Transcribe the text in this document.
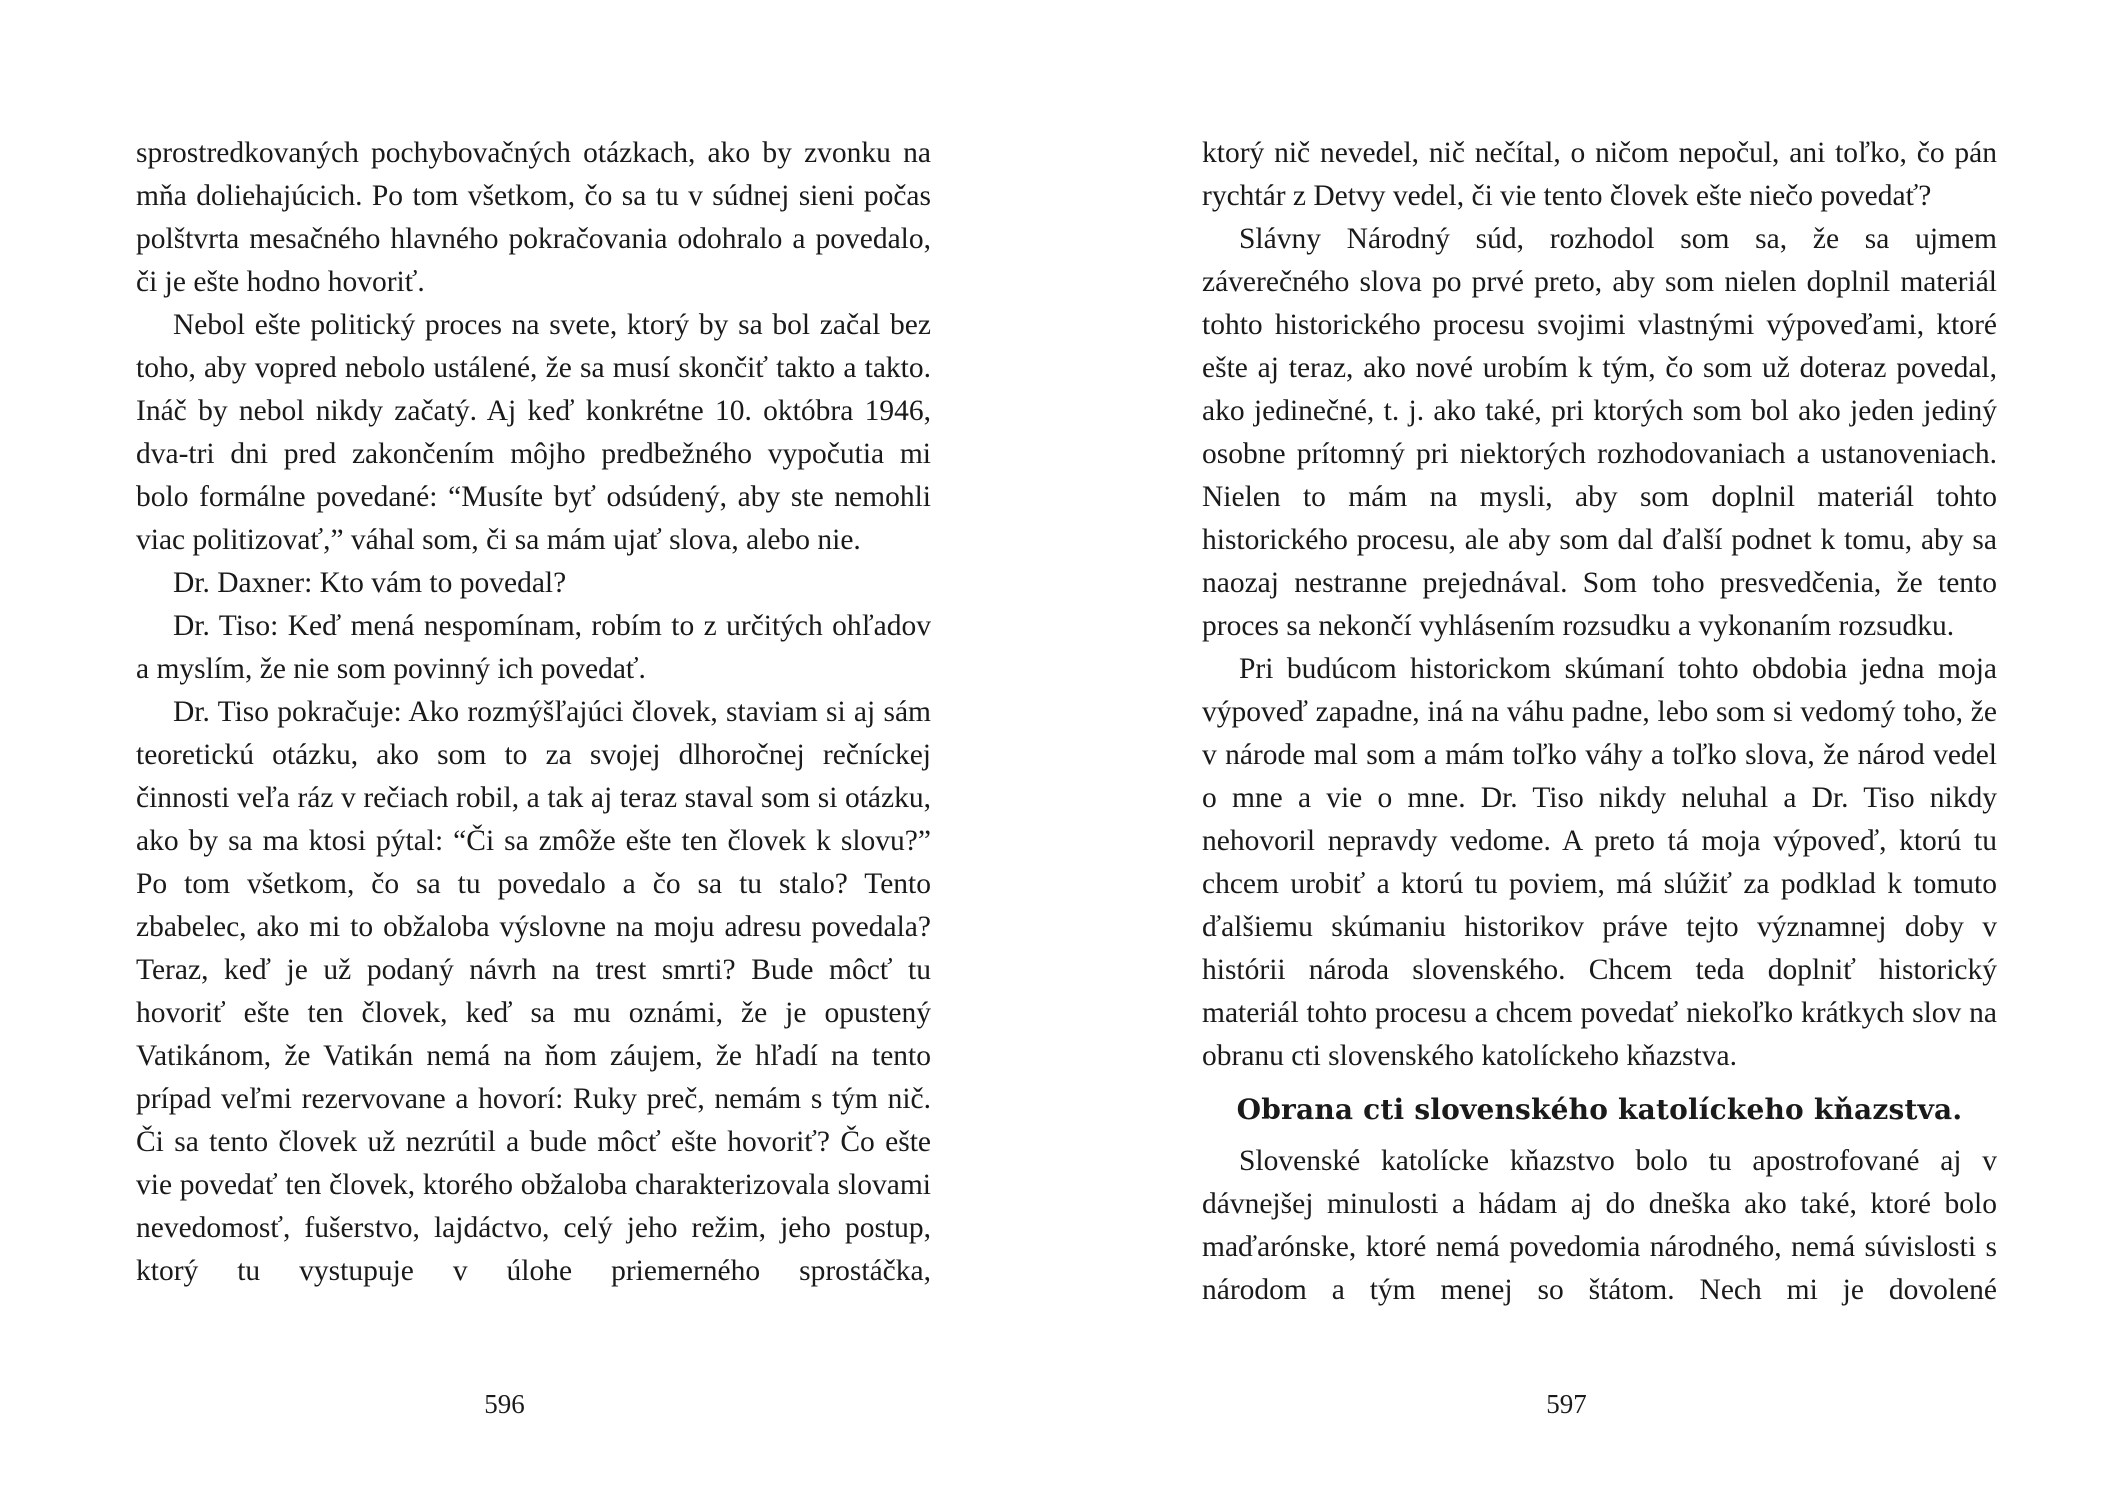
sprostredkovaných pochybovačných otázkach, ako by zvonku na mňa doliehajúcich. Po tom všetkom, čo sa tu v súdnej sieni počas polštvrta mesačného hlavného pokračovania odohralo a povedalo, či je ešte hodno hovoriť.

Nebol ešte politický proces na svete, ktorý by sa bol začal bez toho, aby vopred nebolo ustálené, že sa musí skončiť takto a takto. Ináč by nebol nikdy začatý. Aj keď konkrétne 10. októbra 1946, dva-tri dni pred zakončením môjho predbežného vypočutia mi bolo formálne povedané: “Musíte byť odsúdený, aby ste nemohli viac politizovať,” váhal som, či sa mám ujať slova, alebo nie.

Dr. Daxner: Kto vám to povedal?

Dr. Tiso: Keď mená nespomínam, robím to z určitých ohľadov a myslím, že nie som povinný ich povedať.

Dr. Tiso pokračuje: Ako rozmýšľajúci človek, staviam si aj sám teoretickú otázku, ako som to za svojej dlhoročnej rečníckej činnosti veľa ráz v rečiach robil, a tak aj teraz staval som si otázku, ako by sa ma ktosi pýtal: “Či sa zmôže ešte ten človek k slovu?” Po tom všetkom, čo sa tu povedalo a čo sa tu stalo? Tento zbabelec, ako mi to obžaloba výslovne na moju adresu povedala? Teraz, keď je už podaný návrh na trest smrti? Bude môcť tu hovoriť ešte ten človek, keď sa mu oznámi, že je opustený Vatikánom, že Vatikán nemá na ňom záujem, že hľadí na tento prípad veľmi rezervovane a hovorí: Ruky preč, nemám s tým nič. Či sa tento človek už nezrútil a bude môcť ešte hovoriť? Čo ešte vie povedať ten človek, ktorého obžaloba charakterizovala slovami nevedomosť, fušerstvo, lajdáctvo, celý jeho režim, jeho postup, ktorý tu vystupuje v úlohe priemerného sprostáčka,

596

ktorý nič nevedel, nič nečítal, o ničom nepočul, ani toľko, čo pán rychtár z Detvy vedel, či vie tento človek ešte niečo povedať?

Slávny Národný súd, rozhodol som sa, že sa ujmem záverečného slova po prvé preto, aby som nielen doplnil materiál tohto historického procesu svojimi vlastnými výpoveďami, ktoré ešte aj teraz, ako nové urobím k tým, čo som už doteraz povedal, ako jedinečné, t. j. ako také, pri ktorých som bol ako jeden jediný osobne prítomný pri niektorých rozhodovaniach a ustanoveniach. Nielen to mám na mysli, aby som doplnil materiál tohto historického procesu, ale aby som dal ďalší podnet k tomu, aby sa naozaj nestranne prejednával. Som toho presvedčenia, že tento proces sa nekončí vyhlásením rozsudku a vykonaním rozsudku.

Pri budúcom historickom skúmaní tohto obdobia jedna moja výpoveď zapadne, iná na váhu padne, lebo som si vedomý toho, že v národe mal som a mám toľko váhy a toľko slova, že národ vedel o mne a vie o mne. Dr. Tiso nikdy neluhal a Dr. Tiso nikdy nehovoril nepravdy vedome. A preto tá moja výpoveď, ktorú tu chcem urobiť a ktorú tu poviem, má slúžiť za podklad k tomuto ďalšiemu skúmaniu historikov práve tejto významnej doby v histórii národa slovenského. Chcem teda doplniť historický materiál tohto procesu a chcem povedať niekoľko krátkych slov na obranu cti slovenského katolíckeho kňazstva.

Obrana cti slovenského katolíckeho kňazstva.

Slovenské katolícke kňazstvo bolo tu apostrofované aj v dávnejšej minulosti a hádam aj do dneška ako také, ktoré bolo maďarónske, ktoré nemá povedomia národného, nemá súvislosti s národom a tým menej so štátom. Nech mi je dovolené

597
